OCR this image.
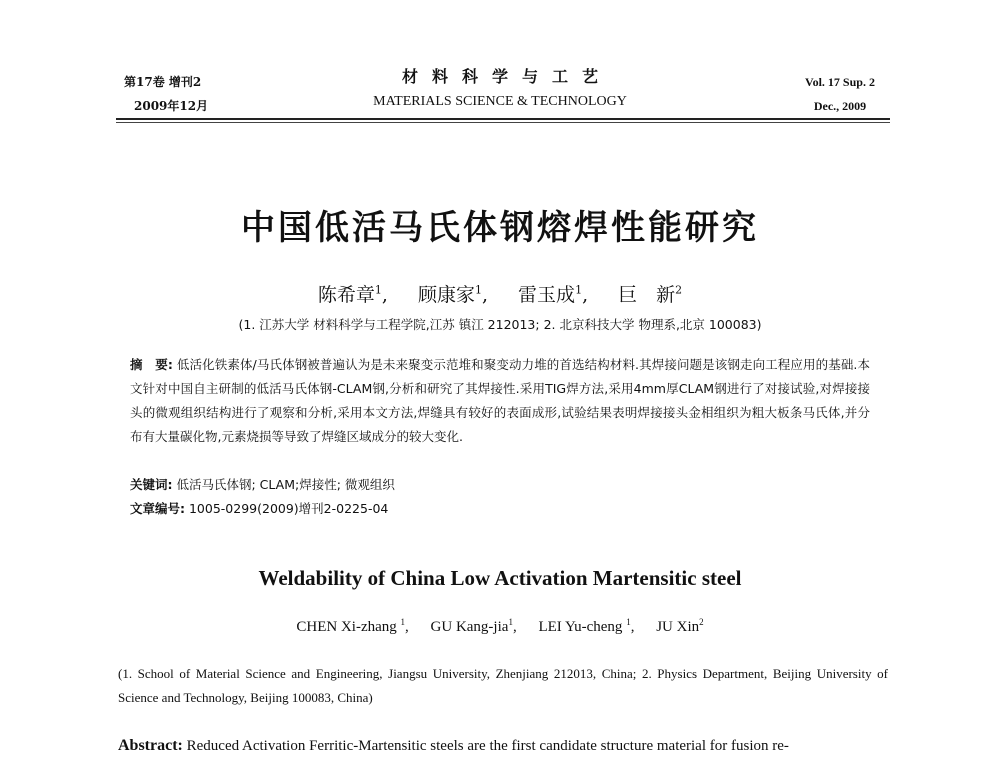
第17卷 增刊2
2009年12月
材料科学与工艺
MATERIALS SCIENCE & TECHNOLOGY
Vol. 17 Sup. 2
Dec., 2009
中国低活马氏体钢熔焊性能研究
陈希章$^1$, 顾康家$^1$, 雷玉成$^1$, 巨　新$^2$
(1. 江苏大学 材料科学与工程学院,江苏 镇江 212013; 2. 北京科技大学 物理系,北京 100083)
摘　要: 低活化铁素体/马氏体钢被普遍认为是未来聚变示范堆和聚变动力堆的首选结构材料.其焊接问题是该钢走向工程应用的基础.本文针对中国自主研制的低活马氏体钢-CLAM钢,分析和研究了其焊接性.采用TIG焊方法,采用4mm厚CLAM钢进行了对接试验,对焊接接头的微观组织结构进行了观察和分析,采用本文方法,焊缝具有较好的表面成形,试验结果表明焊接接头金相组织为粗大板条马氏体,并分布有大量碳化物,元素烧损等导致了焊缝区域成分的较大变化.
关键词: 低活马氏体钢; CLAM;焊接性; 微观组织
文章编号: 1005-0299(2009)增刊2-0225-04
Weldability of China Low Activation Martensitic steel
CHEN Xi-zhang $^1$, GU Kang-jia$^1$, LEI Yu-cheng $^1$, JU Xin$^2$
(1. School of Material Science and Engineering, Jiangsu University, Zhenjiang 212013, China; 2. Physics Department, Beijing University of Science and Technology, Beijing 100083, China)
Abstract: Reduced Activation Ferritic-Martensitic steels are the first candidate structure material for fusion re-
